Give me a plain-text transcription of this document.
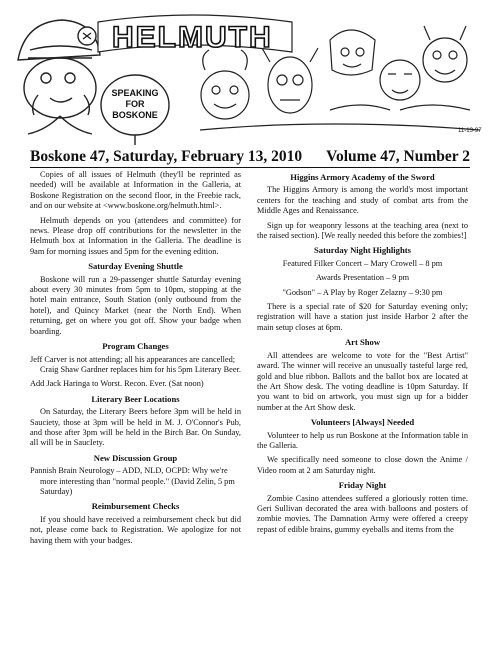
HELMUTH
SPEAKING
FOR
BOSKONE
11-13-97
Boskone 47, Saturday, February 13, 2010 Volume 47, Number 2

Copies of all issues of Helmuth (they'll be reprinted as needed) will be available at Information in the Galleria, at Boskone Registration on the second floor, in the Freebie rack, and on our website at <www.boskone.org/helmuth.html>.

Helmuth depends on you (attendees and committee) for news. Please drop off contributions for the newsletter in the Helmuth box at Information in the Galleria. The deadline is 9am for morning issues and 5pm for the evening edition.

Saturday Evening Shuttle

Boskone will run a 29-passenger shuttle Saturday evening about every 30 minutes from 5pm to 10pm, stopping at the hotel main entrance, South Station (only outbound from the hotel), and Quincy Market (near the North End). When returning, get on where you got off. Show your badge when boarding.

Program Changes

Jeff Carver is not attending; all his appearances are cancelled; Craig Shaw Gardner replaces him for his 5pm Literary Beer.

Add Jack Haringa to Worst. Recon. Ever. (Sat noon)

Literary Beer Locations

On Saturday, the Literary Beers before 3pm will be held in Sauciety, those at 3pm will be held in M. J. O'Connor's Pub, and those after 3pm will be held in the Birch Bar. On Sunday, all will be in SaucIety.

New Discussion Group

Pannish Brain Neurology – ADD, NLD, OCPD: Why we're more interesting than "normal people." (David Zelin, 5 pm Saturday)

Reimbursement Checks

If you should have received a reimbursement check but did not, please come back to Registration. We apologize for not having them with your badges.

Higgins Armory Academy of the Sword

The Higgins Armory is among the world's most important centers for the teaching and study of combat arts from the Middle Ages and Renaissance.

Sign up for weaponry lessons at the teaching area (next to the raised section). [We really needed this before the zombies!]

Saturday Night Highlights
Featured Filker Concert – Mary Crowell – 8 pm
Awards Presentation – 9 pm
"Godson" – A Play by Roger Zelazny – 9:30 pm

There is a special rate of $20 for Saturday evening only; registration will have a station just inside Harbor 2 after the main setup closes at 6pm.

Art Show

All attendees are welcome to vote for the "Best Artist" award. The winner will receive an unusually tasteful large red, gold and blue ribbon. Ballots and the ballot box are located at the Art Show desk. The voting deadline is 10pm Saturday. If you want to bid on artwork, you must sign up for a bidder number at the Art Show desk.

Volunteers [Always] Needed

Volunteer to help us run Boskone at the Information table in the Galleria.

We specifically need someone to close down the Anime / Video room at 2 am Saturday night.

Friday Night

Zombie Casino attendees suffered a gloriously rotten time. Geri Sullivan decorated the area with balloons and posters of zombie movies. The Damnation Army were offered a creepy repast of edible brains, gummy eyeballs and items from the
